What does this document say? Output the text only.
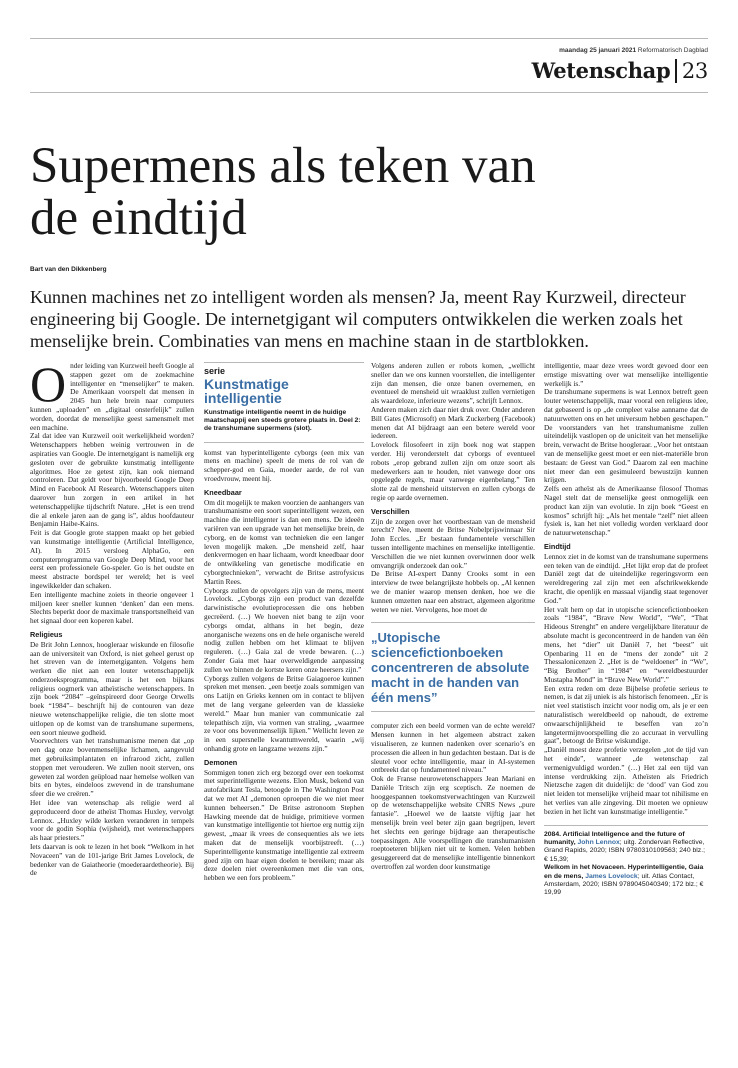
maandag 25 januari 2021 Reformatorisch Dagblad
Wetenschap 23
Supermens als teken van de eindtijd
Bart van den Dikkenberg

Kunnen machines net zo intelligent worden als mensen? Ja, meent Ray Kurzweil, directeur engineering bij Google. De internetgigant wil computers ontwikkelen die werken zoals het menselijke brein. Combinaties van mens en machine staan in de startblokken.

Onder leiding van Kurzweil heeft Google al stappen gezet om de zoekmachine intelligenter en “menselijker” te maken. De Amerikaan voorspelt dat mensen in 2045 hun hele brein naar computers kunnen „uploaden” en „digitaal onsterfelijk” zullen worden, doordat de menselijke geest samensmelt met een machine.

Zal dat idee van Kurzweil ooit werkelijkheid worden? Wetenschappers hebben weinig vertrouwen in de aspiraties van Google. De internetgigant is namelijk erg gesloten over de gebruikte kunstmatig intelligente algoritmes. Hoe ze getest zijn, kan ook niemand controleren. Dat geldt voor bijvoorbeeld Google Deep Mind en Facebook AI Research. Wetenschappers uiten daarover hun zorgen in een artikel in het wetenschappelijke tijdschrift Nature. „Het is een trend die al enkele jaren aan de gang is”, aldus hoofdauteur Benjamin Haibe-Kains.

Feit is dat Google grote stappen maakt op het gebied van kunstmatige intelligentie (Artificial Intelligence, AI). In 2015 versloeg AlphaGo, een computerprogramma van Google Deep Mind, voor het eerst een professionele Go-speler. Go is het oudste en meest abstracte bordspel ter wereld; het is veel ingewikkelder dan schaken.

Een intelligente machine zoiets in theorie ongeveer 1 miljoen keer sneller kunnen ‘denken’ dan een mens. Slechts beperkt door de maximale transportsnelheid van het signaal door een koperen kabel.

Religieus

De Brit John Lennox, hoogleraar wiskunde en filosofie aan de universiteit van Oxford, is niet geheel gerust op het streven van de internetgiganten. Volgens hem werken die niet aan een louter wetenschappelijk onderzoeksprogramma, maar is het een bijkans religieus oogmerk van atheïstische wetenschappers. In zijn boek “2084” –geïnspireerd door George Orwells boek “1984”– beschrijft hij de contouren van deze nieuwe wetenschappelijke religie, die ten slotte moet uitlopen op de komst van de transhumane supermens, een soort nieuwe godheid.

Voorvechters van het transhumanisme menen dat „op een dag onze bovenmenselijke lichamen, aangevuld met gebruiksimplantaten en infrarood zicht, zullen stoppen met verouderen. We zullen nooit sterven, ons geweten zal worden geüpload naar hemelse wolken van bits en bytes, eindeloos zwevend in de transhumane sfeer die we creëren.”

Het idee van wetenschap als religie werd al geproduceerd door de atheïst Thomas Huxley, vervolgt Lennox. „Huxley wilde kerken veranderen in tempels voor de godin Sophia (wijsheid), met wetenschappers als haar priesters.”

Iets daarvan is ook te lezen in het boek “Welkom in het Novaceen” van de 101-jarige Brit James Lovelock, de bedenker van de Gaiatheorie (moederaardetheorie). Bij de

serie
Kunstmatige intelligentie
Kunstmatige intelligentie neemt in de huidige maatschappij een steeds grotere plaats in. Deel 2: de transhumane supermens (slot).

komst van hyperintelligente cyborgs (een mix van mens en machine) speelt de mens de rol van de schepper-god en Gaia, moeder aarde, de rol van vroedvrouw, meent hij.

Kneedbaar

Om dit mogelijk te maken voorzien de aanhangers van transhumanisme een soort superintelligent wezen, een machine die intelligenter is dan een mens. De ideeën variëren van een upgrade van het menselijke brein, de cyborg, en de komst van technieken die een langer leven mogelijk maken. „De mensheid zelf, haar denkvermogen en haar lichaam, wordt kneedbaar door de ontwikkeling van genetische modificatie en cyborgtechnieken”, verwacht de Britse astrofysicus Martin Rees.

Cyborgs zullen de opvolgers zijn van de mens, meent Lovelock. „Cyborgs zijn een product van dezelfde darwinistische evolutieprocessen die ons hebben gecreëerd. (…) We hoeven niet bang te zijn voor cyborgs omdat, althans in het begin, deze anorganische wezens ons en de hele organische wereld nodig zullen hebben om het klimaat te blijven reguleren. (…) Gaia zal de vrede bewaren. (…) Zonder Gaia met haar overweldigende aanpassing zullen we binnen de kortste keren onze heersers zijn.”

Cyborgs zullen volgens de Britse Gaiagoeroe kunnen spreken met mensen. „een beetje zoals sommigen van ons Latijn en Grieks kennen om in contact te blijven met de lang vergane geleerden van de klassieke wereld.” Maar hun manier van communicatie zal telepathisch zijn, via vormen van straling, „waarmee ze voor ons bovenmenselijk lijken.” Wellicht leven ze in een supersnelle kwantumwereld, waarin „wij onhandig grote en langzame wezens zijn.”

Demonen

Sommigen tonen zich erg bezorgd over een toekomst met superintelligente wezens. Elon Musk, bekend van autofabrikant Tesla, betoogde in The Washington Post dat we met AI „demonen oproepen die we niet meer kunnen beheersen.” De Britse astronoom Stephen Hawking meende dat de huidige, primitieve vormen van kunstmatige intelligentie tot hiertoe erg nuttig zijn gewest, „maar ik vrees de consequenties als we iets maken dat de menselijk voorbijstreeft. (…) Superintelligente kunstmatige intelligentie zal extreem goed zijn om haar eigen doelen te bereiken; maar als deze doelen niet overeenkomen met die van ons, hebben we een fors probleem.”

Volgens anderen zullen er robots komen, „wellicht sneller dan we ons kunnen voorstellen, die intelligenter zijn dan mensen, die onze banen overnemen, en eventueel de mensheid uit wraaklust zullen vernietigen als waardeloze, inferieure wezens”, schrijft Lennox.

Anderen maken zich daar niet druk over. Onder anderen Bill Gates (Microsoft) en Mark Zuckerberg (Facebook) menen dat AI bijdraagt aan een betere wereld voor iedereen.

Lovelock filosofeert in zijn boek nog wat stappen verder. Hij veronderstelt dat cyborgs of eventueel robots „erop gebrand zullen zijn om onze soort als medewerkers aan te houden, niet vanwege door ons opgelegde regels, maar vanwege eigenbelang.” Ten slotte zal de mensheid uitsterven en zullen cyborgs de regie op aarde overnemen.

Verschillen

Zijn de zorgen over het voortbestaan van de mensheid terecht? Nee, meent de Britse Nobelprijswinnaar Sir John Eccles. „Er bestaan fundamentele verschillen tussen intelligente machines en menselijke intelligentie. Verschillen die we niet kunnen overwinnen door welk omvangrijk onderzoek dan ook.”

De Britse AI-expert Danny Crooks somt in een interview de twee belangrijkste hobbels op. „Al kennen we de manier waarop mensen denken, hoe we die kunnen omzetten naar een abstract, algemeen algoritme weten we niet. Vervolgens, hoe moet de

„Utopische sciencefictionboeken concentreren de absolute macht in de handen van één mens”

computer zich een beeld vormen van de echte wereld? Mensen kunnen in het algemeen abstract zaken visualiseren, ze kunnen nadenken over scenario’s en processen die alleen in hun gedachten bestaan. Dat is de sleutel voor echte intelligentie, maar in AI-systemen ontbreekt dat op fundamenteel niveau.”

Ook de Franse neurowetenschappers Jean Mariani en Danièle Tritsch zijn erg sceptisch. Ze noemen de hooggespannen toekomstverwachtingen van Kurzweil op de wetenschappelijke website CNRS News „pure fantasie”. „Hoewel we de laatste vijftig jaar het menselijk brein veel beter zijn gaan begrijpen, levert het slechts een geringe bijdrage aan therapeutische toepassingen. Alle voorspellingen die transhumanisten roeptoeteren blijken niet uit te komen. Velen hebben gesuggereerd dat de menselijke intelligentie binnenkort overtroffen zal worden door kunstmatige

intelligentie, maar deze vrees wordt gevoed door een ernstige misvatting over wat menselijke intelligentie werkelijk is.”

De transhumane supermens is wat Lennox betreft geen louter wetenschappelijk, maar vooral een religieus idee, dat gebaseerd is op „de compleet valse aanname dat de natuurwetten ons en het universum hebben geschapen.” De voorstanders van het transhumanisme zullen uiteindelijk vastlopen op de uniciteit van het menselijke brein, verwacht de Britse hoogleraar. „Voor het ontstaan van de menselijke geest moet er een niet-materiële bron bestaan: de Geest van God.” Daarom zal een machine niet meer dan een gesimuleerd bewustzijn kunnen krijgen.

Zelfs een atheïst als de Amerikaanse filosoof Thomas Nagel stelt dat de menselijke geest onmogelijk een product kan zijn van evolutie. In zijn boek “Geest en kosmos” schrijft hij: „Als het mentale “zelf” niet alleen fysiek is, kan het niet volledig worden verklaard door de natuurwetenschap.”

Eindtijd

Lennox ziet in de komst van de transhumane supermens een teken van de eindtijd. „Het lijkt erop dat de profeet Daniël zegt dat de uiteindelijke regeringsvorm een wereldregering zal zijn met een afschrikwekkende kracht, die openlijk en massaal vijandig staat tegenover God.”

Het valt hem op dat in utopische sciencefictionboeken zoals “1984”, “Brave New World”, “We”, “That Hideous Strenght” en andere vergelijkbare literatuur de absolute macht is geconcentreerd in de handen van één mens, het “dier” uit Daniël 7, het “beest” uit Openbaring 11 en de “mens der zonde” uit 2 Thessalonicenzen 2. „Het is de “weldoener” in “We”, “Big Brother” in “1984” en “wereldbestuurder Mustapha Mond” in “Brave New World”.”

Een extra reden om deze Bijbelse profetie serieus te nemen, is dat zij uniek is als historisch fenomeen. „Er is niet veel statistisch inzicht voor nodig om, als je er een naturalistisch wereldbeeld op nahoudt, de extreme onwaarschijnlijkheid te beseffen van zo’n langetermijnvoorspelling die zo accuraat in vervulling gaat”, betoogt de Britse wiskundige.

„Daniël moest deze profetie verzegelen „tot de tijd van het einde”, wanneer „de wetenschap zal vermenigvuldigd worden.” (…) Het zal een tijd van intense verdrukking zijn. Atheïsten als Friedrich Nietzsche zagen dit duidelijk: de ‘dood’ van God zou niet leiden tot menselijke vrijheid maar tot nihilisme en het verlies van alle zingeving. Dit moeten we opnieuw bezien in het licht van kunstmatige intelligentie.”

2084. Artificial Intelligence and the future of humanity, John Lennox; uitg. Zondervan Reflective, Grand Rapids, 2020; ISBN 9780310109563; 240 blz.; € 15,39;

Welkom in het Novaceen. Hyperintelligentie, Gaia en de mens, James Lovelock; uit. Atlas Contact, Amsterdam, 2020; ISBN 9789045040349; 172 blz.; € 19,99
